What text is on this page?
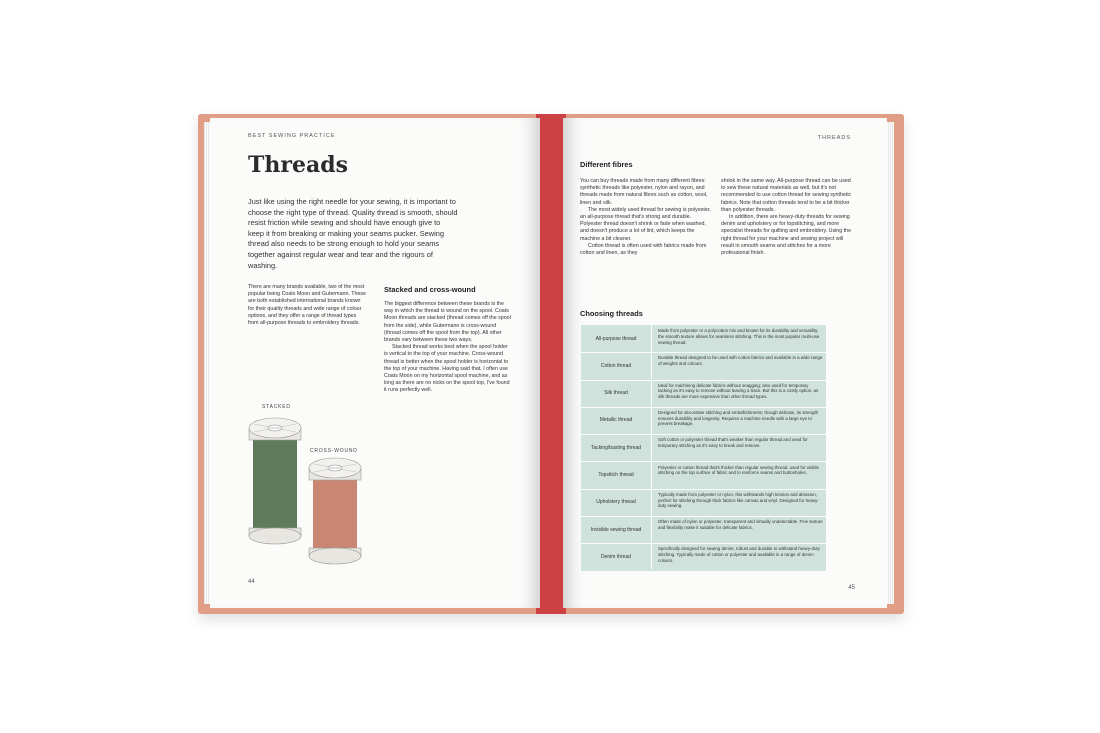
BEST SEWING PRACTICE
Threads
Just like using the right needle for your sewing, it is important to choose the right type of thread. Quality thread is smooth, should resist friction while sewing and should have enough give to keep it from breaking or making your seams pucker. Sewing thread also needs to be strong enough to hold your seams together against regular wear and tear and the rigours of washing.
There are many brands available, two of the most popular being Coats Moon and Gutermann. These are both established international brands known for their quality threads and wide range of colour options, and they offer a range of thread types from all-purpose threads to embroidery threads.
Stacked and cross-wound

The biggest difference between these brands is the way in which the thread is wound on the spool. Coats Moon threads are stacked (thread comes off the spool from the side), while Gutermann is cross-wound (thread comes off the spool from the top). All other brands vary between these two ways.

Stacked thread works best when the spool holder is vertical to the top of your machine. Cross-wound thread is better when the spool holder is horizontal to the top of your machine. Having said that, I often use Coats Moon on my horizontal spool machine, and as long as there are no nicks on the spool top, I've found it runs perfectly well.

STACKED
CROSS-WOUND
44
THREADS
Different fibres

You can buy threads made from many different fibres: synthetic threads like polyester, nylon and rayon, and threads made from natural fibres such as cotton, wool, linen and silk.

The most widely used thread for sewing is polyester, an all-purpose thread that's strong and durable. Polyester thread doesn't shrink or fade when washed, and doesn't produce a lot of lint, which keeps the machine a bit cleaner.

Cotton thread is often used with fabrics made from cotton and linen, as they

shrink in the same way. All-purpose thread can be used to sew these natural materials as well, but it's not recommended to use cotton thread for sewing synthetic fabrics. Note that cotton threads tend to be a bit thicker than polyester threads.

In addition, there are heavy-duty threads for sewing denim and upholstery or for topstitching, and more specialist threads for quilting and embroidery. Using the right thread for your machine and sewing project will result in smooth seams and stitches for a more professional finish.

Choosing threads
All-purpose thread
Made from polyester or a polycotton mix and known for its durability and versatility, the smooth texture allows for seamless stitching. This is the most popular multi-use sewing thread.
Cotton thread
Durable thread designed to be used with cotton fabrics and available in a wide range of weights and colours.
Silk thread
Ideal for machining delicate fabrics without snagging; also used for temporary tacking as it's easy to remove without leaving a trace. But this is a costly option, as silk threads are more expensive than other thread types.
Metallic thread
Designed for decorative stitching and embellishments; though delicate, its strength ensures durability and longevity. Requires a machine needle with a large eye to prevent breakage.
Tacking/basting thread
Soft cotton or polyester thread that's weaker than regular thread and used for temporary stitching as it's easy to break and remove.
Topstitch thread
Polyester or cotton thread that's thicker than regular sewing thread, used for visible stitching on the top surface of fabric and to reinforce seams and buttonholes.
Upholstery thread
Typically made from polyester or nylon, this withstands high tension and abrasion, perfect for stitching through thick fabrics like canvas and vinyl. Designed for heavy-duty sewing.
Invisible sewing thread
Often made of nylon or polyester, transparent and virtually undetectable. Fine texture and flexibility make it suitable for delicate fabrics.
Denim thread
Specifically designed for sewing denim; robust and durable to withstand heavy-duty stitching. Typically made of cotton or polyester and available in a range of denim colours.
45
